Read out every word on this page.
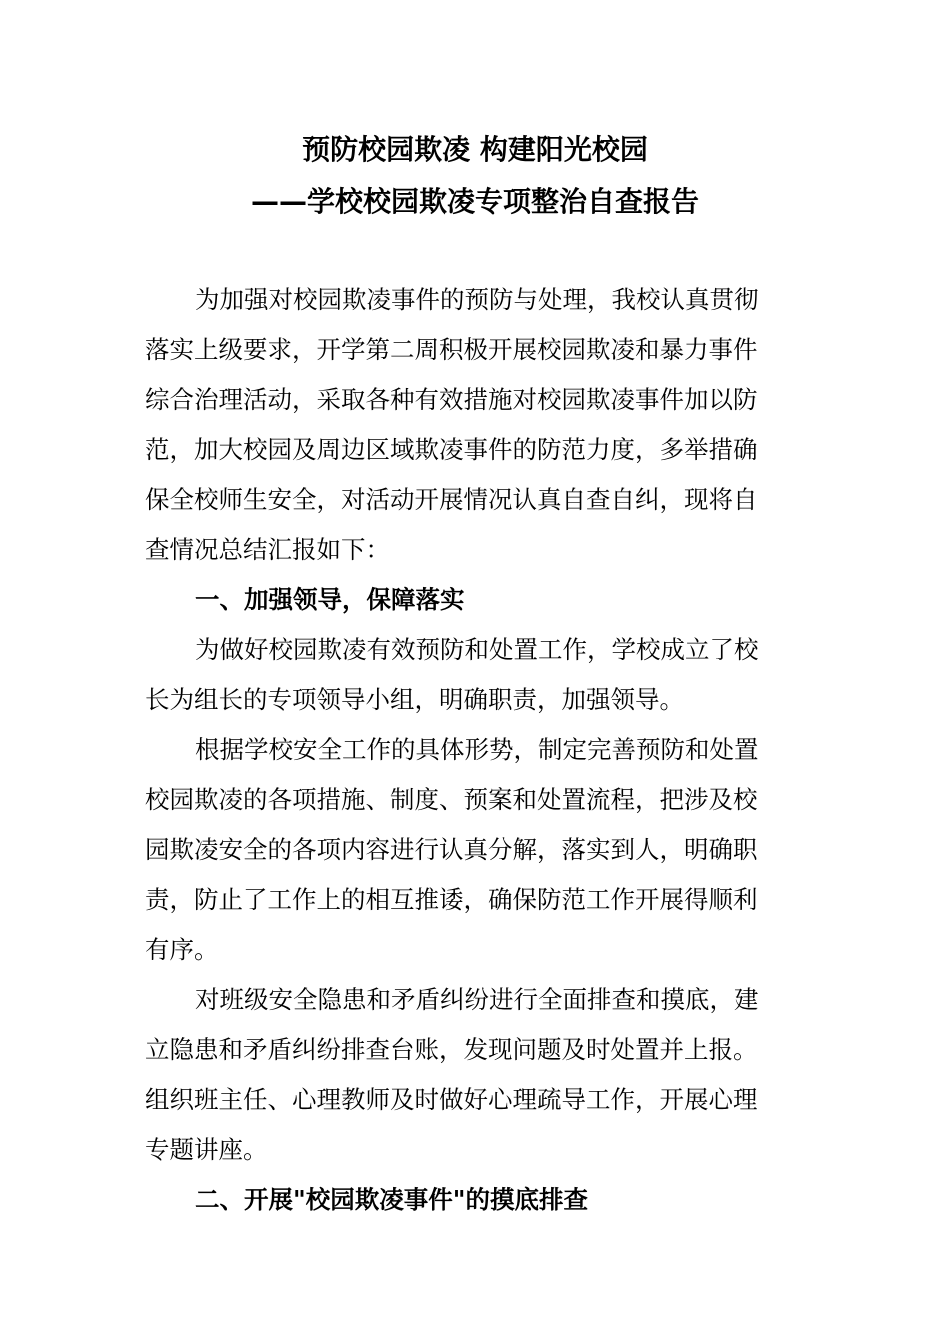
预防校园欺凌 构建阳光校园
——学校校园欺凌专项整治自查报告
为加强对校园欺凌事件的预防与处理，我校认真贯彻
落实上级要求，开学第二周积极开展校园欺凌和暴力事件
综合治理活动，采取各种有效措施对校园欺凌事件加以防
范，加大校园及周边区域欺凌事件的防范力度，多举措确
保全校师生安全，对活动开展情况认真自查自纠，现将自
查情况总结汇报如下：
一、加强领导，保障落实
为做好校园欺凌有效预防和处置工作，学校成立了校
长为组长的专项领导小组，明确职责，加强领导。
根据学校安全工作的具体形势，制定完善预防和处置
校园欺凌的各项措施、制度、预案和处置流程，把涉及校
园欺凌安全的各项内容进行认真分解，落实到人，明确职
责，防止了工作上的相互推诿，确保防范工作开展得顺利
有序。
对班级安全隐患和矛盾纠纷进行全面排查和摸底，建
立隐患和矛盾纠纷排查台账，发现问题及时处置并上报。
组织班主任、心理教师及时做好心理疏导工作，开展心理
专题讲座。
二、开展"校园欺凌事件"的摸底排查
